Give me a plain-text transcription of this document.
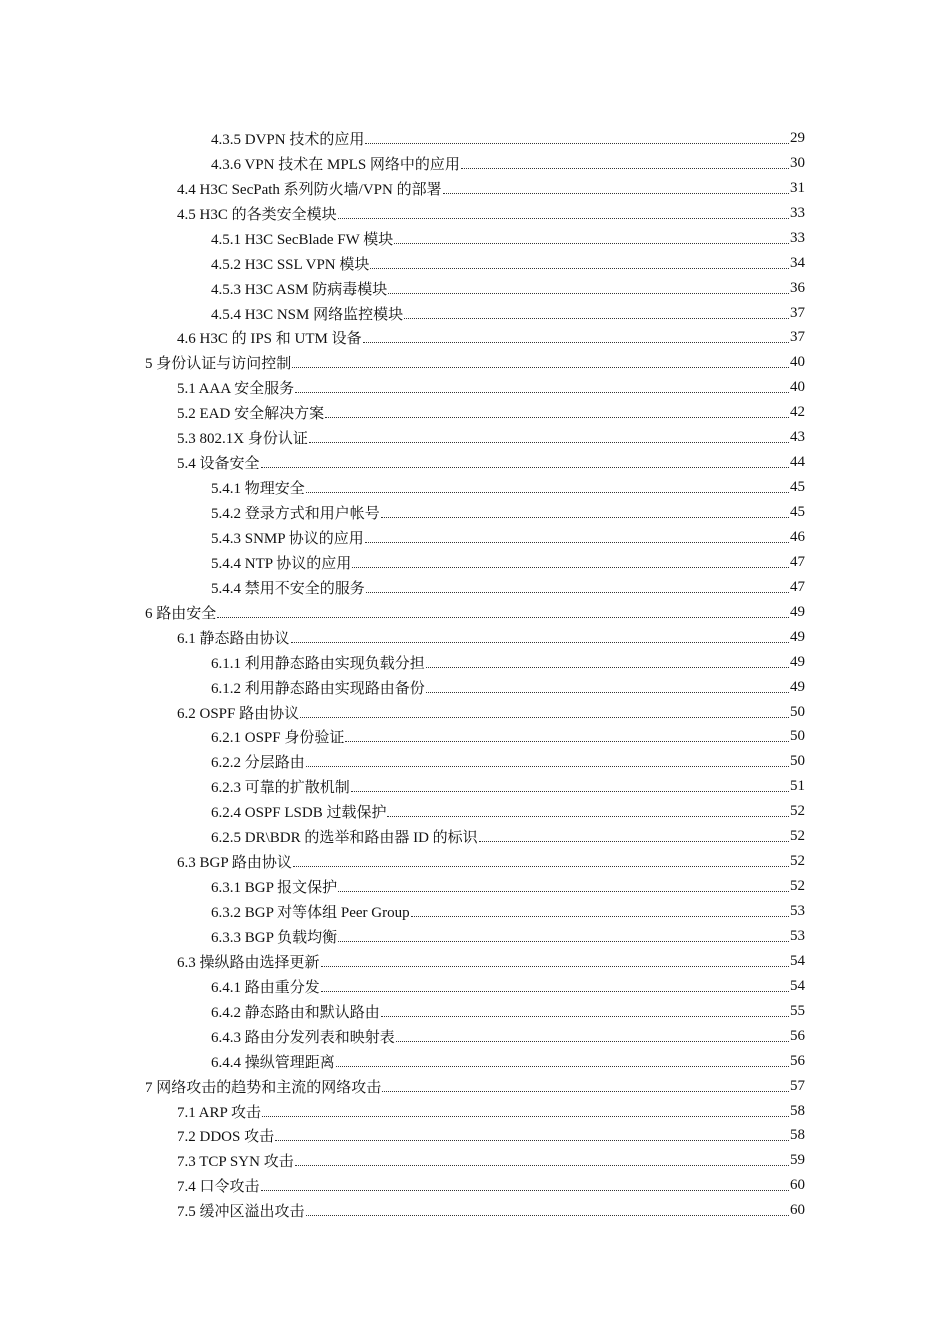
4.3.5 DVPN 技术的应用	29
4.3.6 VPN 技术在 MPLS 网络中的应用	30
4.4 H3C SecPath 系列防火墙/VPN 的部署	31
4.5 H3C 的各类安全模块	33
4.5.1 H3C SecBlade FW 模块	33
4.5.2 H3C SSL VPN 模块	34
4.5.3 H3C ASM 防病毒模块	36
4.5.4 H3C NSM 网络监控模块	37
4.6 H3C 的 IPS 和 UTM 设备	37
5 身份认证与访问控制	40
5.1 AAA 安全服务	40
5.2 EAD 安全解决方案	42
5.3 802.1X 身份认证	43
5.4 设备安全	44
5.4.1 物理安全	45
5.4.2 登录方式和用户帐号	45
5.4.3 SNMP 协议的应用	46
5.4.4 NTP 协议的应用	47
5.4.4 禁用不安全的服务	47
6 路由安全	49
6.1 静态路由协议	49
6.1.1 利用静态路由实现负载分担	49
6.1.2 利用静态路由实现路由备份	49
6.2 OSPF 路由协议	50
6.2.1 OSPF 身份验证	50
6.2.2 分层路由	50
6.2.3 可靠的扩散机制	51
6.2.4 OSPF LSDB 过载保护	52
6.2.5 DR\BDR 的选举和路由器 ID 的标识	52
6.3 BGP 路由协议	52
6.3.1 BGP 报文保护	52
6.3.2 BGP 对等体组 Peer Group	53
6.3.3 BGP 负载均衡	53
6.3 操纵路由选择更新	54
6.4.1 路由重分发	54
6.4.2 静态路由和默认路由	55
6.4.3 路由分发列表和映射表	56
6.4.4 操纵管理距离	56
7 网络攻击的趋势和主流的网络攻击	57
7.1 ARP 攻击	58
7.2 DDOS 攻击	58
7.3 TCP SYN 攻击	59
7.4 口令攻击	60
7.5 缓冲区溢出攻击	60
